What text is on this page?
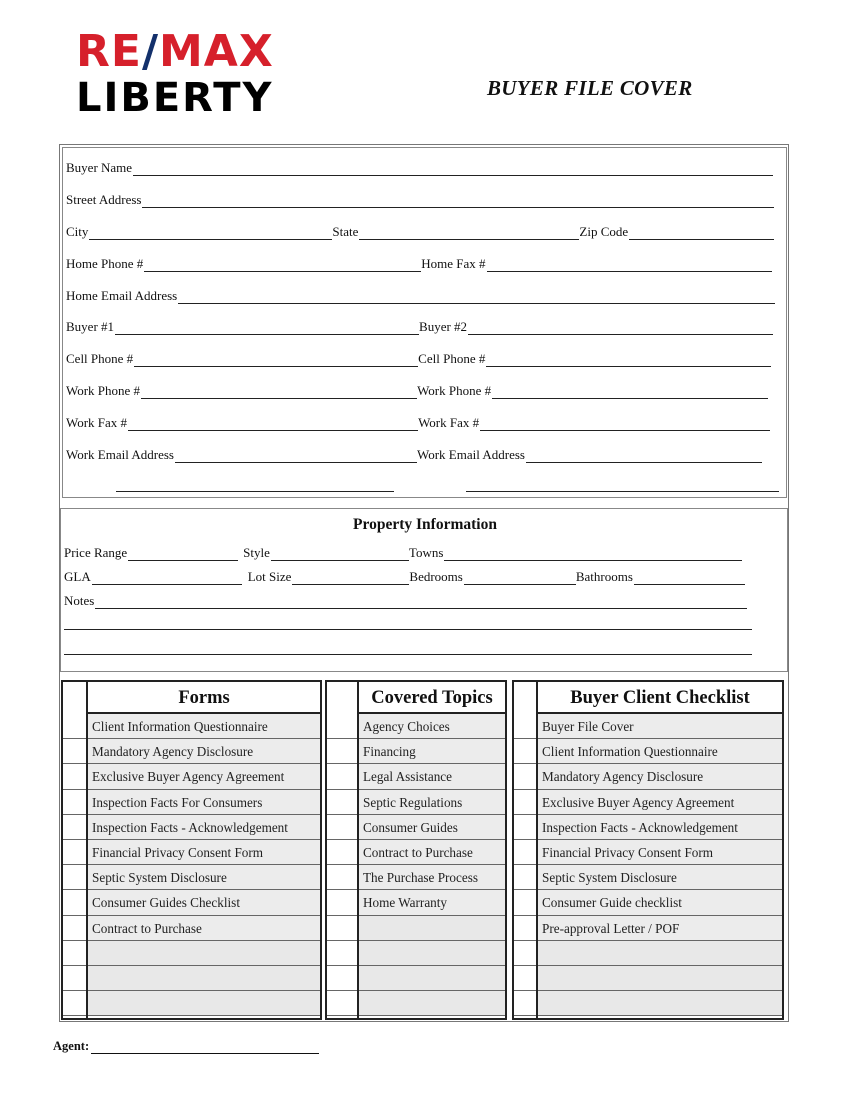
RE/MAX
LIBERTY	BUYER FILE COVER
Buyer Name
Street Address
City	State	Zip Code
Home Phone #	Home Fax #
Home Email Address
Buyer #1	Buyer #2
Cell Phone #	Cell Phone #
Work Phone #	Work Phone #
Work Fax #	Work Fax #
Work Email Address	Work Email Address
Property Information
Price Range	Style	Towns
GLA	Lot Size	Bedrooms	Bathrooms
Notes
Forms
Client Information Questionnaire
Mandatory Agency Disclosure
Exclusive Buyer Agency Agreement
Inspection Facts For Consumers
Inspection Facts - Acknowledgement
Financial Privacy Consent Form
Septic System Disclosure
Consumer Guides Checklist
Contract to Purchase
Covered Topics
Agency Choices
Financing
Legal Assistance
Septic Regulations
Consumer Guides
Contract to Purchase
The Purchase Process
Home Warranty
Buyer Client Checklist
Buyer File Cover
Client Information Questionnaire
Mandatory Agency Disclosure
Exclusive Buyer Agency Agreement
Inspection Facts - Acknowledgement
Financial Privacy Consent Form
Septic System Disclosure
Consumer Guide checklist
Pre-approval Letter / POF
Agent:
